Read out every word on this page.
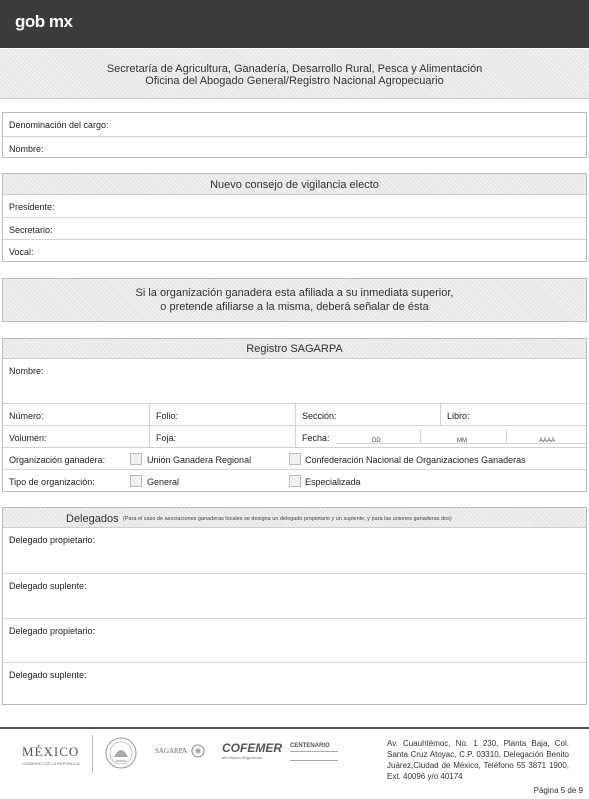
gob mx
Secretaría de Agricultura, Ganadería, Desarrollo Rural, Pesca y Alimentación
Oficina del Abogado General/Registro Nacional Agropecuario
Denominación del cargo:
Nombre:
Nuevo consejo de vigilancia electo
Presidente:
Secretario:
Vocal:
Si la organización ganadera esta afiliada a su inmediata superior,
o pretende afiliarse a la misma, deberá señalar de ésta
Registro SAGARPA
Nombre:
Número:	Folio:	Sección:	Libro:
Volumen:	Foja:	Fecha:	DD	MM	AAAA
Organización ganadera:	Unión Ganadera Regional	Confederación Nacional de Organizaciones Ganaderas
Tipo de organización:	General	Especializada
Delegados (Para el caso de asociaciones ganaderas locales se designa un delegado propietario y un suplente, y para las uniones ganaderas dos)
Delegado propietario:
Delegado suplente:
Delegado propietario:
Delegado suplente:
MÉXICO
GOBIERNO DE LA REPÚBLICA
SAGARPA	COFEMER
del Mejora Regulatoria
CENTENARIO	Av. Cuauhtémoc, No. 1 230, Planta Baja, Col. Santa Cruz Atoyac, C.P. 03310, Delegación Benito Juárez,Ciudad de México, Teléfono 55 3871 1900, Ext. 40096 y/o 40174
Página 5 de 9
